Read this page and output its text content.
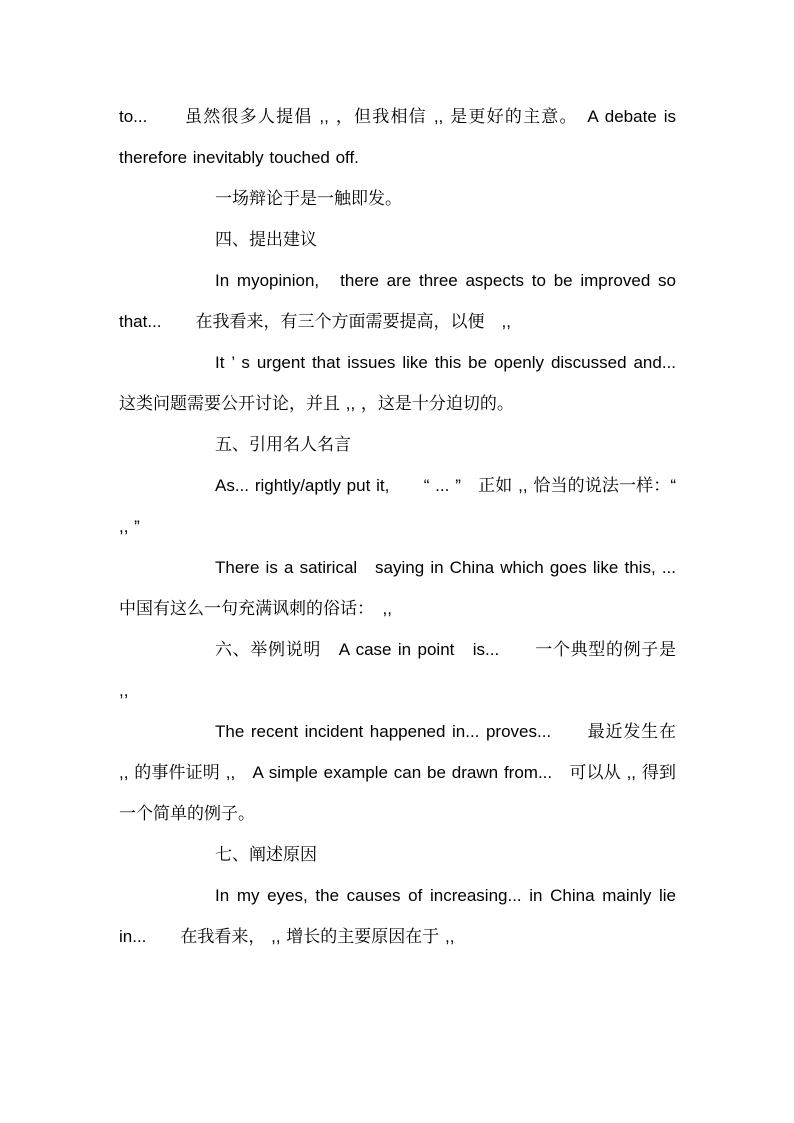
to...　　虽然很多人提倡 ,, ，但我相信 ,, 是更好的主意。　A debate is therefore inevitably touched off.

一场辩论于是一触即发。

四、提出建议

In myopinion,　there are three aspects to be improved so that...　　在我看来，有三个方面需要提高，以便　,,

It ’ s urgent that issues like this be openly discussed and...　　这类问题需要公开讨论，并且 ,, ，这是十分迫切的。

五、引用名人名言

As... rightly/aptly put it,　　“ ... ”　正如 ,, 恰当的说法一样：“ ,, ”

There is a satirical　saying in China which goes like this, ...　中国有这么一句充满讽刺的俗话：　,,

六、举例说明　A case in point　is...　　一个典型的例子是 ,,

The recent incident happened in... proves...　　最近发生在 ,, 的事件证明 ,,　A simple example can be drawn from...　可以从 ,, 得到一个简单的例子。

七、阐述原因

In my eyes, the causes of increasing... in China mainly lie in...　　在我看来， ,, 增长的主要原因在于 ,,
